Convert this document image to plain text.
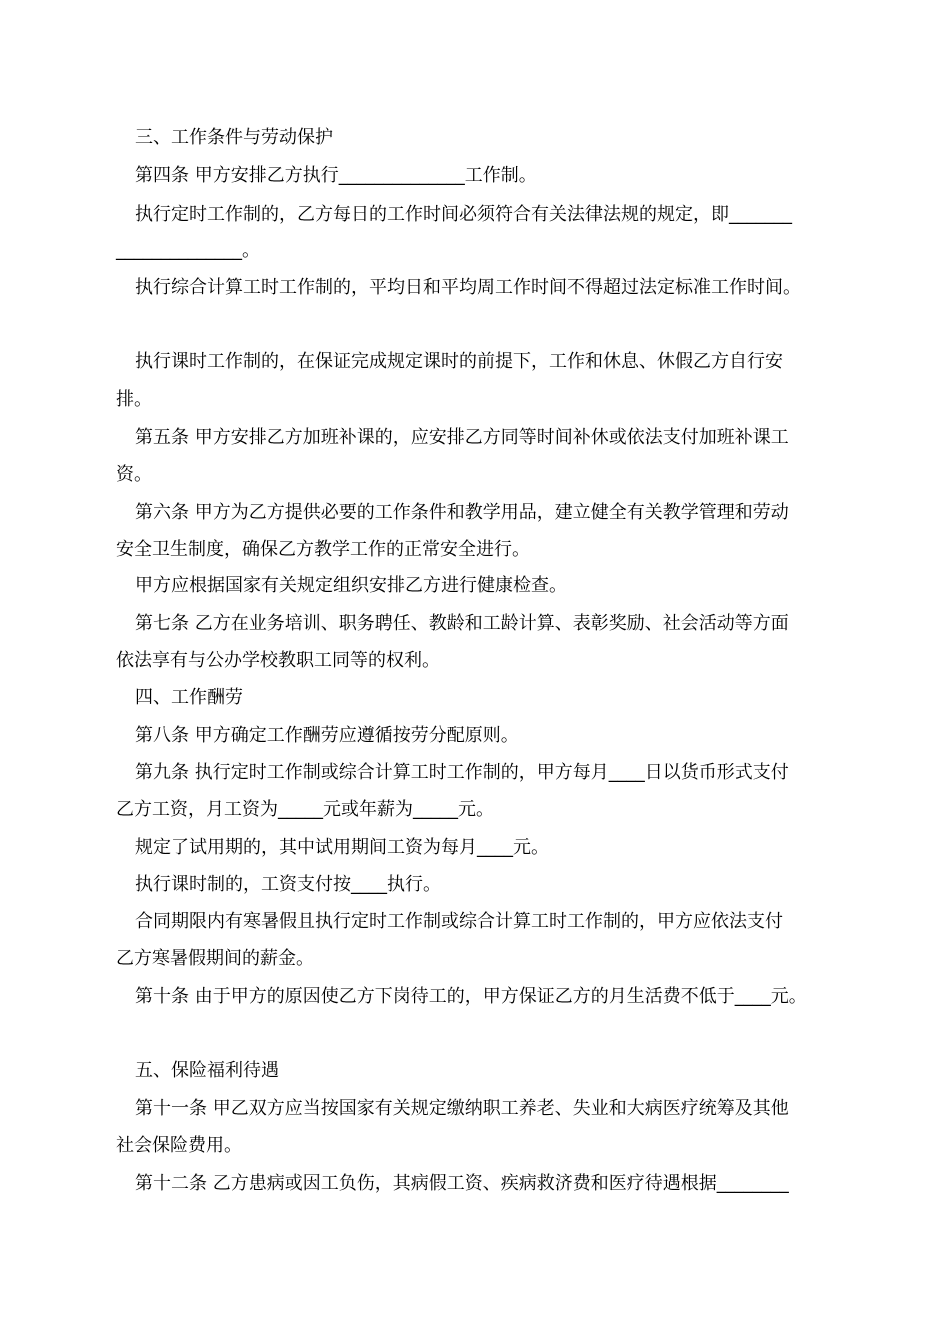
三、工作条件与劳动保护
第四条 甲方安排乙方执行______________工作制。
执行定时工作制的，乙方每日的工作时间必须符合有关法律法规的规定，即_______
______________。
执行综合计算工时工作制的，平均日和平均周工作时间不得超过法定标准工作时间。
执行课时工作制的，在保证完成规定课时的前提下，工作和休息、休假乙方自行安
排。
第五条 甲方安排乙方加班补课的，应安排乙方同等时间补休或依法支付加班补课工
资。
第六条 甲方为乙方提供必要的工作条件和教学用品，建立健全有关教学管理和劳动
安全卫生制度，确保乙方教学工作的正常安全进行。
甲方应根据国家有关规定组织安排乙方进行健康检查。
第七条 乙方在业务培训、职务聘任、教龄和工龄计算、表彰奖励、社会活动等方面
依法享有与公办学校教职工同等的权利。
四、工作酬劳
第八条 甲方确定工作酬劳应遵循按劳分配原则。
第九条 执行定时工作制或综合计算工时工作制的，甲方每月____日以货币形式支付
乙方工资，月工资为_____元或年薪为_____元。
规定了试用期的，其中试用期间工资为每月____元。
执行课时制的，工资支付按____执行。
合同期限内有寒暑假且执行定时工作制或综合计算工时工作制的，甲方应依法支付
乙方寒暑假期间的薪金。
第十条 由于甲方的原因使乙方下岗待工的，甲方保证乙方的月生活费不低于____元。
五、保险福利待遇
第十一条 甲乙双方应当按国家有关规定缴纳职工养老、失业和大病医疗统筹及其他
社会保险费用。
第十二条 乙方患病或因工负伤，其病假工资、疾病救济费和医疗待遇根据________
